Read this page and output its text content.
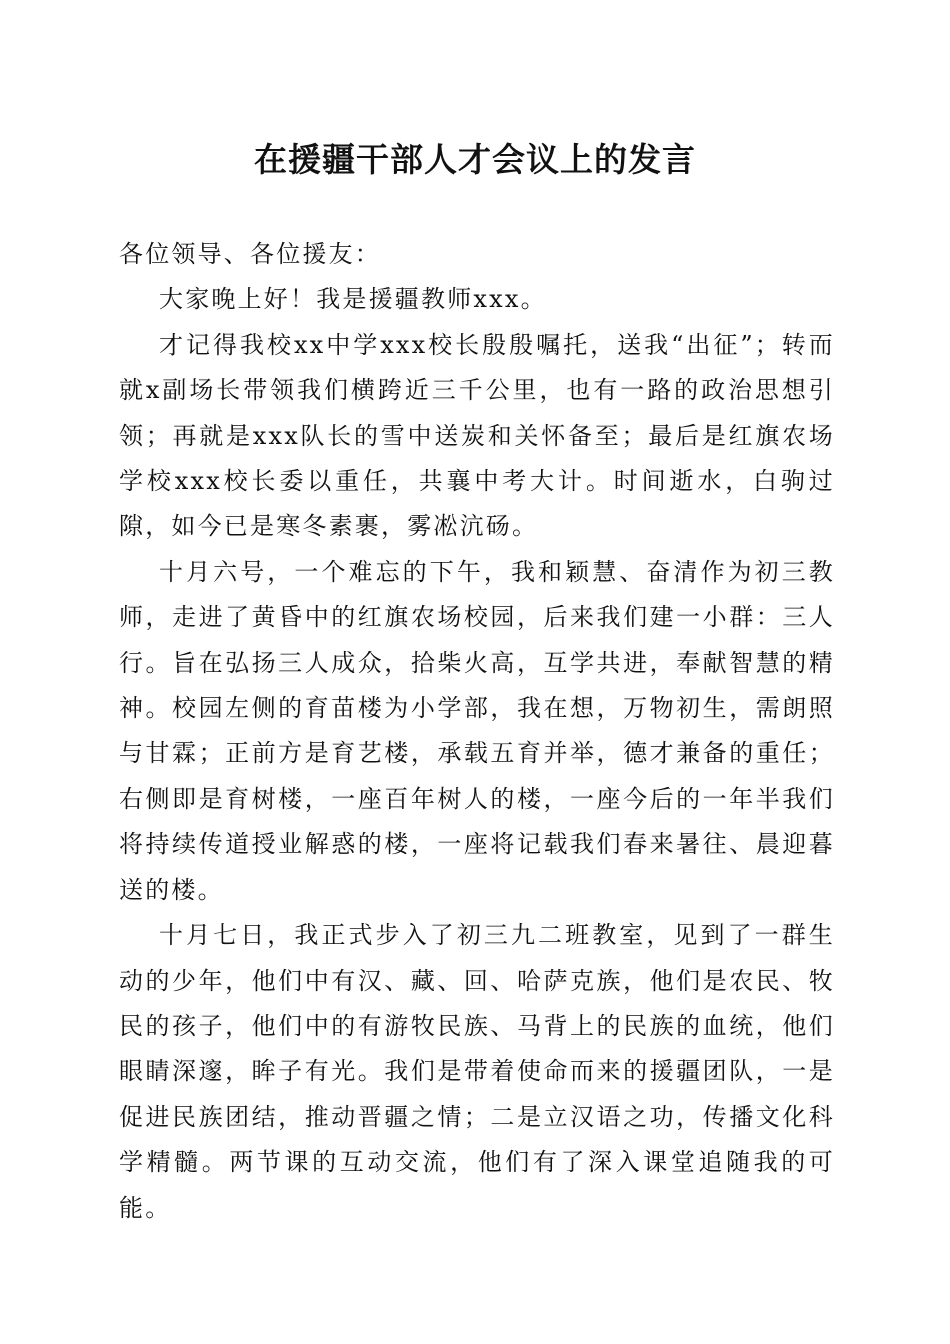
在援疆干部人才会议上的发言

各位领导、各位援友：

大家晚上好！我是援疆教师xxx。

才记得我校xx中学xxx校长殷殷嘱托，送我“出征”；转而就x副场长带领我们横跨近三千公里，也有一路的政治思想引领；再就是xxx队长的雪中送炭和关怀备至；最后是红旗农场学校xxx校长委以重任，共襄中考大计。时间逝水，白驹过隙，如今已是寒冬素裹，雾凇沆砀。

十月六号，一个难忘的下午，我和颖慧、奋清作为初三教师，走进了黄昏中的红旗农场校园，后来我们建一小群：三人行。旨在弘扬三人成众，拾柴火高，互学共进，奉献智慧的精神。校园左侧的育苗楼为小学部，我在想，万物初生，需朗照与甘霖；正前方是育艺楼，承载五育并举，德才兼备的重任；右侧即是育树楼，一座百年树人的楼，一座今后的一年半我们将持续传道授业解惑的楼，一座将记载我们春来暑往、晨迎暮送的楼。

十月七日，我正式步入了初三九二班教室，见到了一群生动的少年，他们中有汉、藏、回、哈萨克族，他们是农民、牧民的孩子，他们中的有游牧民族、马背上的民族的血统，他们眼睛深邃，眸子有光。我们是带着使命而来的援疆团队，一是促进民族团结，推动晋疆之情；二是立汉语之功，传播文化科学精髓。两节课的互动交流，他们有了深入课堂追随我的可能。
